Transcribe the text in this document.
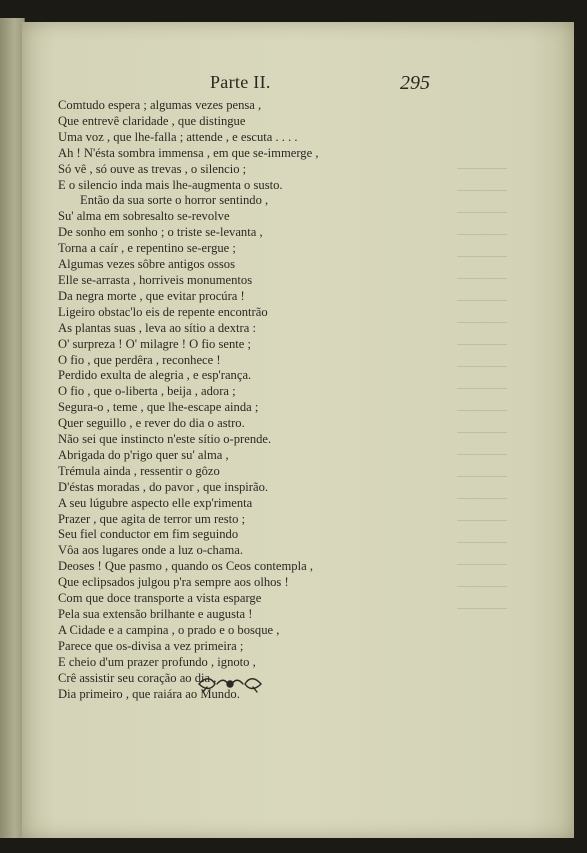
Parte II.	295
Comtudo espera ; algumas vezes pensa ,
Que entrevê claridade , que distingue
Uma voz , que lhe-falla ; attende , e escuta . . . .
Ah ! N'ésta sombra immensa , em que se-immerge ,
Só vê , só ouve as trevas , o silencio ;
E o silencio inda mais lhe-augmenta o susto.
Então da sua sorte o horror sentindo ,
Su' alma em sobresalto se-revolve
De sonho em sonho ; o triste se-levanta ,
Torna a caír , e repentino se-ergue ;
Algumas vezes sôbre antigos ossos
Elle se-arrasta , horriveis monumentos
Da negra morte , que evitar procúra !
Ligeiro obstac'lo eis de repente encontrão
As plantas suas , leva ao sítio a dextra :
O' surpreza ! O' milagre ! O fio sente ;
O fio , que perdêra , reconhece !
Perdido exulta de alegria , e esp'rança.
O fio , que o-liberta , beija , adora ;
Segura-o , teme , que lhe-escape ainda ;
Quer seguillo , e rever do dia o astro.
Não sei que instincto n'este sítio o-prende.
Abrigada do p'rigo quer su' alma ,
Trémula ainda , ressentir o gôzo
D'éstas moradas , do pavor , que inspirão.
A seu lúgubre aspecto elle exp'rimenta
Prazer , que agita de terror um resto ;
Seu fiel conductor em fim seguindo
Vôa aos lugares onde a luz o-chama.
Deoses ! Que pasmo , quando os Ceos contempla ,
Que eclipsados julgou p'ra sempre aos olhos !
Com que doce transporte a vista esparge
Pela sua extensão brilhante e augusta !
A Cidade e a campina , o prado e o bosque ,
Parece que os-divisa a vez primeira ;
E cheio d'um prazer profundo , ignoto ,
Crê assistir seu coração ao dia ,
Dia primeiro , que raiára ao Mundo.
